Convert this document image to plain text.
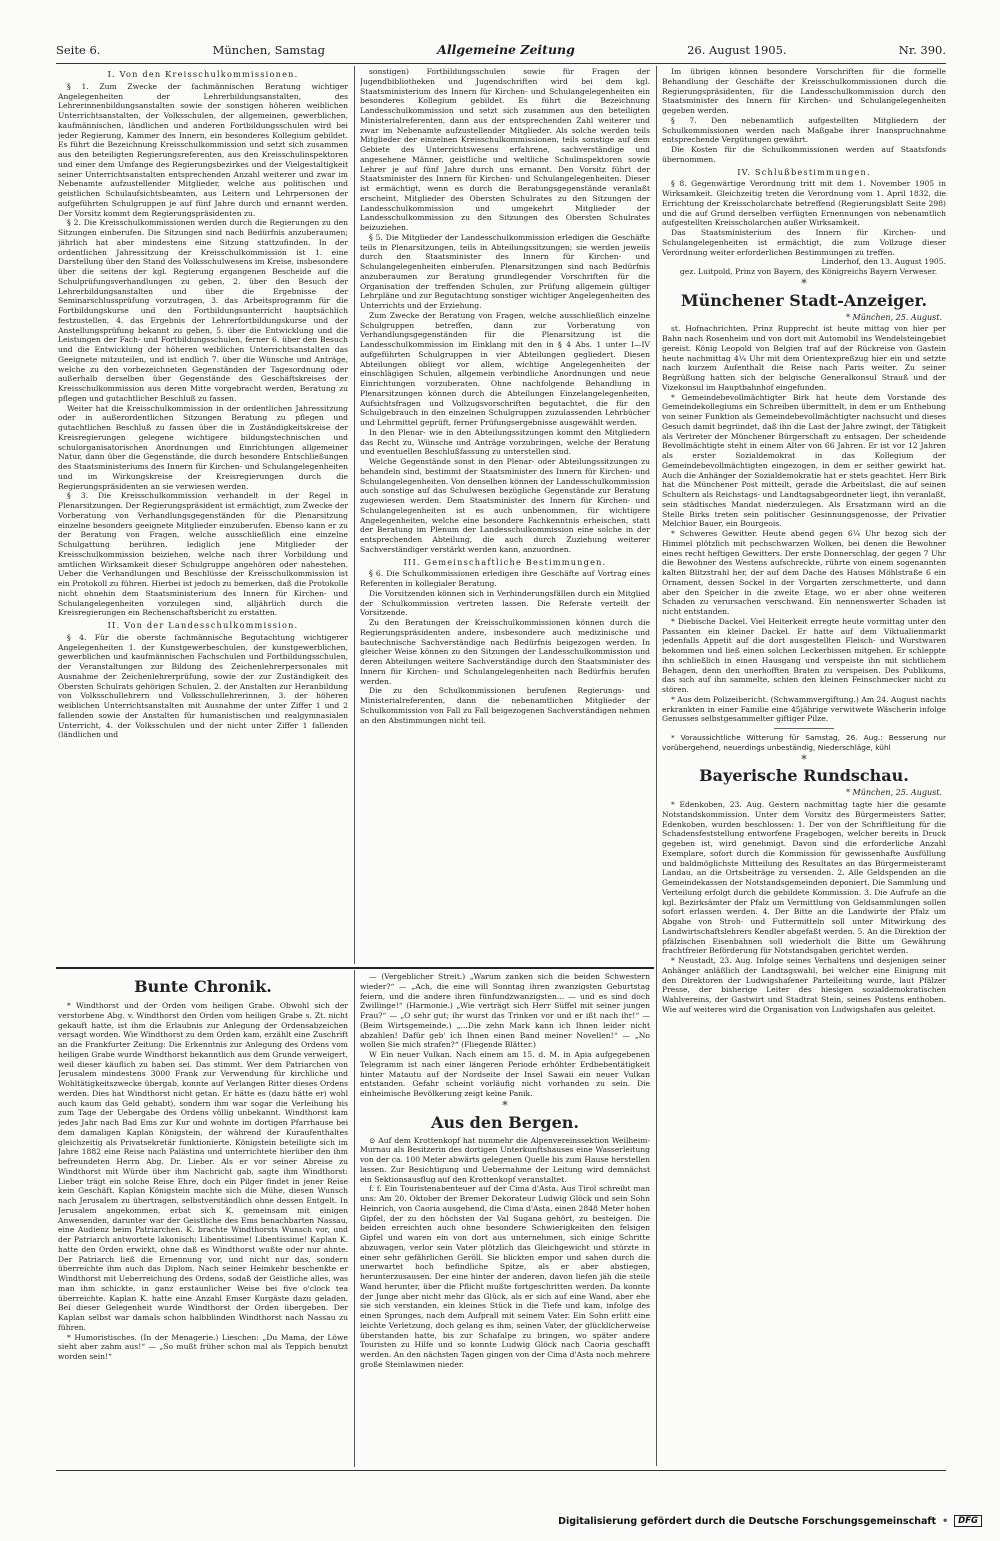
Seite 6.	München, Samstag	Allgemeine Zeitung	26. August 1905.	Nr. 390.
I. Von den Kreisschulkommissionen.

§ 1. Zum Zwecke der fachmännischen Beratung wichtiger Angelegenheiten der Lehrerbildungsanstalten, des Lehrerinnenbildungsanstalten sowie der sonstigen höheren weiblichen Unterrichtsanstalten, der Volksschulen, der allgemeinen, gewerblichen, kaufmännischen, ländlichen und anderen Fortbildungsschulen wird bei jeder Regierung, Kammer des Innern, ein besonderes Kollegium gebildet. Es führt die Bezeichnung Kreisschulkommission und setzt sich zusammen aus den beteiligten Regierungsreferenten, aus den Kreisschulinspektoren und einer dem Umfange des Regierungsbezirkes und der Vielgestaltigkeit seiner Unterrichtsanstalten entsprechenden Anzahl weiterer und zwar im Nebenamte aufzustellender Mitglieder, welche aus politischen und geistlichen Schulaufsichtsbeamten, aus Leitern und Lehrpersonen der aufgeführten Schulgruppen je auf fünf Jahre durch und ernannt werden. Der Vorsitz kommt dem Regierungspräsidenten zu.

§ 2. Die Kreisschulkommissionen werden durch die Regierungen zu den Sitzungen einberufen. Die Sitzungen sind nach Bedürfnis anzuberaumen; jährlich hat aber mindestens eine Sitzung stattzufinden. In der ordentlichen Jahressitzung der Kreisschulkommission ist 1. eine Darstellung über den Stand des Volksschulwesens im Kreise, insbesondere über die seitens der kgl. Regierung ergangenen Bescheide auf die Schulprüfungsverhandlungen zu geben, 2. über den Besuch der Lehrerbildungsanstalten und über die Ergebnisse der Seminarschlussprüfung vorzutragen, 3. das Arbeitsprogramm für die Fortbildungskurse und den Fortbildungsunterricht hauptsächlich festzustellen, 4. das Ergebnis der Lehrerfortbildungskurse und der Anstellungsprüfung bekannt zu geben, 5. über die Entwicklung und die Leistungen der Fach- und Fortbildungsschulen, ferner 6. über den Besuch und die Entwicklung der höheren weiblichen Unterrichtsanstalten das Geeignete mitzuteilen, und ist endlich 7. über die Wünsche und Anträge, welche zu den vorbezeichneten Gegenständen der Tagesordnung oder außerhalb derselben über Gegenstände des Geschäftskreises der Kreisschulkommission aus deren Mitte vorgebracht werden, Beratung zu pflegen und gutachtlicher Beschluß zu fassen.

Weiter hat die Kreisschulkommission in der ordentlichen Jahressitzung oder in außerordentlichen Sitzungen Beratung zu pflegen und gutachtlichen Beschluß zu fassen über die in Zuständigkeitskreise der Kreisregierungen gelegene wichtigere bildungstechnischen und schulorganisatorischen Anordnungen und Einrichtungen allgemeiner Natur, dann über die Gegenstände, die durch besondere Entschließungen des Staatsministeriums des Innern für Kirchen- und Schulangelegenheiten und im Wirkungskreise der Kreisregierungen durch die Regierungspräsidenten an sie verwiesen werden.

§ 3. Die Kreisschulkommission verhandelt in der Regel in Plenarsitzungen. Der Regierungspräsident ist ermächtigt, zum Zwecke der Vorberatung von Verhandlungsgegenständen für die Plenarsitzung einzelne besonders geeignete Mitglieder einzuberufen. Ebenso kann er zu der Beratung von Fragen, welche ausschließlich eine einzelne Schulgattung berühren, lediglich jene Mitglieder der Kreisschulkommission beiziehen, welche nach ihrer Vorbildung und amtlichen Wirksamkeit dieser Schulgruppe angehören oder nahestehen. Ueber die Verhandlungen und Beschlüsse der Kreisschulkommission ist ein Protokoll zu führen. Hierbei ist jedoch zu bemerken, daß die Protokolle nicht ohnehin dem Staatsministerium des Innern für Kirchen- und Schulangelegenheiten vorzulegen sind, alljährlich durch die Kreisregierungen ein Rechenschaftsbericht zu erstatten.

II. Von der Landesschulkommission.

§ 4. Für die oberste fachmännische Begutachtung wichtigerer Angelegenheiten 1. der Kunstgewerbeschulen, der kunstgewerblichen, gewerblichen und kaufmännischen Fachschulen und Fortbildungsschulen, der Veranstaltungen zur Bildung des Zeichenlehrerpersonales mit Ausnahme der Zeichenlehrerprüfung, sowie der zur Zuständigkeit des Obersten Schulrats gehörigen Schulen, 2. der Anstalten zur Heranbildung von Volksschullehrern und Volksschullehrerinnen, 3. der höheren weiblichen Unterrichtsanstalten mit Ausnahme der unter Ziffer 1 und 2 fallenden sowie der Anstalten für humanistischen und realgymnasialen Unterricht, 4. der Volksschulen und der nicht unter Ziffer 1 fallenden (ländlichen und

sonstigen) Fortbildungsschulen sowie für Fragen der Jugendbibliotheken und Jugendschriften wird bei dem kgl. Staatsministerium des Innern für Kirchen- und Schulangelegenheiten ein besonderes Kollegium gebildet. Es führt die Bezeichnung Landesschulkommission und setzt sich zusammen aus den beteiligten Ministerialreferenten, dann aus der entsprechenden Zahl weiterer und zwar im Nebenamte aufzustellender Mitglieder. Als solche werden teils Mitglieder der einzelnen Kreisschulkommissionen, teils sonstige auf dem Gebiete des Unterrichtswesens erfahrene, sachverständige und angesehene Männer, geistliche und weltliche Schulinspektoren sowie Lehrer je auf fünf Jahre durch uns ernannt. Den Vorsitz führt der Staatsminister des Innern für Kirchen- und Schulangelegenheiten. Dieser ist ermächtigt, wenn es durch die Beratungsgegenstände veranlaßt erscheint, Mitglieder des Obersten Schulrates zu den Sitzungen der Landesschulkommission und umgekehrt Mitglieder der Landesschulkommission zu den Sitzungen des Obersten Schulrates beizuziehen.

§ 5. Die Mitglieder der Landesschulkommission erledigen die Geschäfte teils in Plenarsitzungen, teils in Abteilungssitzungen; sie werden jeweils durch den Staatsminister des Innern für Kirchen- und Schulangelegenheiten einberufen. Plenarsitzungen sind nach Bedürfnis anzuberaumen zur Beratung grundlegender Vorschriften für die Organisation der treffenden Schulen, zur Prüfung allgemein gültiger Lehrpläne und zur Begutachtung sonstiger wichtiger Angelegenheiten des Unterrichts und der Erziehung.

Zum Zwecke der Beratung von Fragen, welche ausschließlich einzelne Schulgruppen betreffen, dann zur Vorberatung von Verhandlungsgegenständen für die Plenarsitzung ist die Landesschulkommission im Einklang mit den in § 4 Abs. 1 unter I—IV aufgeführten Schulgruppen in vier Abteilungen gegliedert. Diesen Abteilungen obliegt vor allem, wichtige Angelegenheiten der einschlägigen Schulen, allgemein verbindliche Anordnungen und neue Einrichtungen vorzuberaten. Ohne nachfolgende Behandlung in Plenarsitzungen können durch die Abteilungen Einzelangelegenheiten, Aufsichtsfragen und Vollzugsvorschriften begutachtet, die für den Schulgebrauch in den einzelnen Schulgruppen zuzulassenden Lehrbücher und Lehrmittel geprüft, ferner Prüfungsergebnisse ausgewählt werden.

In den Plenar- wie in den Abteilungssitzungen kommt den Mitgliedern das Recht zu, Wünsche und Anträge vorzubringen, welche der Beratung und eventuellen Beschlußfassung zu unterstellen sind.

Welche Gegenstände sonst in den Plenar- oder Abteilungssitzungen zu behandeln sind, bestimmt der Staatsminister des Innern für Kirchen- und Schulangelegenheiten. Von denselben können der Landesschulkommission auch sonstige auf das Schulwesen bezügliche Gegenstände zur Beratung zugewiesen werden. Dem Staatsminister des Innern für Kirchen- und Schulangelegenheiten ist es auch unbenommen, für wichtigere Angelegenheiten, welche eine besondere Fachkenntnis erheischen, statt der Beratung im Plenum der Landesschulkommission eine solche in der entsprechenden Abteilung, die auch durch Zuziehung weiterer Sachverständiger verstärkt werden kann, anzuordnen.

III. Gemeinschaftliche Bestimmungen.

§ 6. Die Schulkommissionen erledigen ihre Geschäfte auf Vortrag eines Referenten in kollegialer Beratung.

Die Vorsitzenden können sich in Verhinderungsfällen durch ein Mitglied der Schulkommission vertreten lassen. Die Referate verteilt der Vorsitzende.

Zu den Beratungen der Kreisschulkommissionen können durch die Regierungspräsidenten andere, insbesondere auch medizinische und bautechnische Sachverständige nach Bedürfnis beigezogen werden. In gleicher Weise können zu den Sitzungen der Landesschulkommission und deren Abteilungen weitere Sachverständige durch den Staatsminister des Innern für Kirchen- und Schulangelegenheiten nach Bedürfnis berufen werden.

Die zu den Schulkommissionen berufenen Regierungs- und Ministerialreferenten, dann die nebenamtlichen Mitglieder der Schulkommission von Fall zu Fall beigezogenen Sachverständigen nehmen an den Abstimmungen nicht teil.

Im übrigen können besondere Vorschriften für die formelle Behandlung der Geschäfte der Kreisschulkommissionen durch die Regierungspräsidenten, für die Landesschulkommission durch den Staatsminister des Innern für Kirchen- und Schulangelegenheiten gegeben werden.

§ 7. Den nebenamtlich aufgestellten Mitgliedern der Schulkommissionen werden nach Maßgabe ihrer Inanspruchnahme entsprechende Vergütungen gewährt.

Die Kosten für die Schulkommissionen werden auf Staatsfonds übernommen.

IV. Schlußbestimmungen.

§ 8. Gegenwärtige Verordnung tritt mit dem 1. November 1905 in Wirksamkeit. Gleichzeitig treten die Verordnung vom 1. April 1832, die Errichtung der Kreisscholarchate betreffend (Regierungsblatt Seite 298) und die auf Grund derselben verfügten Ernennungen von nebenamtlich aufgestellten Kreisscholarchen außer Wirksamkeit.

Das Staatsministerium des Innern für Kirchen- und Schulangelegenheiten ist ermächtigt, die zum Vollzuge dieser Verordnung weiter erforderlichen Bestimmungen zu treffen.

Linderhof, den 13. August 1905.

gez. Luitpold, Prinz von Bayern, des Königreichs Bayern Verweser.

*
Münchener Stadt-Anzeiger.
* München, 25. August.

st. Hofnachrichten. Prinz Rupprecht ist heute mittag von hier per Bahn nach Rosenheim und von dort mit Automobil ins Wendelsteingebiet gereist. König Leopold von Belgien traf auf der Rückreise von Gastein heute nachmittag 4¼ Uhr mit dem Orientexpreßzug hier ein und setzte nach kurzem Aufenthalt die Reise nach Paris weiter. Zu seiner Begrüßung hatten sich der belgische Generalkonsul Strauß und der Vizekonsul im Hauptbahnhof eingefunden.

* Gemeindebevollmächtigter Birk hat heute dem Vorstande des Gemeindekollegiums ein Schreiben übermittelt, in dem er um Enthebung von seiner Funktion als Gemeindebevollmächtigter nachsucht und dieses Gesuch damit begründet, daß ihn die Last der Jahre zwingt, der Tätigkeit als Vertreter der Münchener Bürgerschaft zu entsagen. Der scheidende Bevollmächtigte steht in einem Alter von 66 Jahren. Er ist vor 12 Jahren als erster Sozialdemokrat in das Kollegium der Gemeindebevollmächtigten eingezogen, in dem er seither gewirkt hat. Auch die Anhänger der Sozialdemokratie hat er stets geachtet. Herr Birk hat die Münchener Post mitteilt, gerade die Arbeitslast, die auf seinen Schultern als Reichstags- und Landtagsabgeordneter liegt, ihn veranlaßt, sein städtisches Mandat niederzulegen. Als Ersatzmann wird an die Stelle Birks treten sein politischer Gesinnungsgenosse, der Privatier Melchior Bauer, ein Bourgeois.

* Schweres Gewitter. Heute abend gegen 6¼ Uhr bezog sich der Himmel plötzlich mit pechschwarzen Wolken, bei denen die Bewohner eines recht heftigen Gewitters. Der erste Donnerschlag, der gegen 7 Uhr die Bewohner des Westens aufschreckte, rührte von einem sogenannten kalten Blitzstrahl her, der auf dem Dache des Hauses Möhlstraße 6 ein Ornament, dessen Sockel in der Vorgarten zerschmetterte, und dann aber den Speicher in die zweite Etage, wo er aber ohne weiteren Schaden zu verursachen verschwand. Ein nennenswerter Schaden ist nicht entstanden.

* Diebische Dackel. Viel Heiterkeit erregte heute vormittag unter den Passanten ein kleiner Dackel. Er hatte auf dem Viktualienmarkt jedenfalls Appetit auf die dort ausgestellten Fleisch- und Wurstwaren bekommen und ließ einen solchen Leckerbissen mitgehen. Er schleppte ihn schließlich in einen Hausgang und verspeiste ihn mit sichtlichem Behagen, denn den unerhofften Braten zu verspeisen. Des Publikums, das sich auf ihn sammelte, schien den kleinen Feinschmecker nicht zu stören.

* Aus dem Polizeibericht. (Schwammvergiftung.) Am 24. August nachts erkrankten in einer Familie eine 45jährige verwitwete Wäscherin infolge Genusses selbstgesammelter giftiger Pilze.

* Voraussichtliche Witterung für Samstag, 26. Aug.: Besserung nur vorübergehend, neuerdings unbeständig, Niederschläge, kühl

*
Bayerische Rundschau.
* München, 25. August.

* Edenkoben, 23. Aug. Gestern nachmittag tagte hier die gesamte Notstandskommission. Unter dem Vorsitz des Bürgermeisters Satter, Edenkoben, wurden beschlossen: 1. Der von der Schriftleitung für die Schadensfeststellung entworfene Fragebogen, welcher bereits in Druck gegeben ist, wird genehmigt. Davon sind die erforderliche Anzahl Exemplare, sofort durch die Kommission für gewissenhafte Ausfüllung und baldmöglichste Mitteilung des Resultates an das Bürgermeisteramt Landau, an die Ortsbeiträge zu versenden. 2. Alle Geldspenden an die Gemeindekassen der Notstandsgemeinden deponiert. Die Sammlung und Verteilung erfolgt durch die gebildete Kommission. 3. Die Aufrufe an die kgl. Bezirksämter der Pfalz um Vermittlung von Geldsammlungen sollen sofort erlassen werden. 4. Der Bitte an die Landwirte der Pfalz um Abgabe von Stroh- und Futtermitteln soll unter Mitwirkung des Landwirtschaftslehrers Kendler abgefaßt werden. 5. An die Direktion der pfälzischen Eisenbahnen soll wiederholt die Bitte um Gewährung frachtfreier Beförderung für Notstandsgaben gerichtet werden.

* Neustadt, 23. Aug. Infolge seines Verhaltens und desjenigen seiner Anhänger anläßlich der Landtagswahl, bei welcher eine Einigung mit den Direktoren der Ludwigshafener Parteileitung wurde, laut Pfälzer Presse, der bisherige Leiter des hiesigen sozialdemokratischen Wahlvereins, der Gastwirt und Stadtrat Stein, seines Postens enthoben. Wie auf weiteres wird die Organisation von Ludwigshafen aus geleitet.

Bunte Chronik.

* Windthorst und der Orden vom heiligen Grabe. Obwohl sich der verstorbene Abg. v. Windthorst den Orden vom heiligen Grabe s. Zt. nicht gekauft hatte, ist ihm die Erlaubnis zur Anlegung der Ordensabzeichen versagt worden. Wie Windthorst zu dem Orden kam, erzählt eine Zuschrift an die Frankfurter Zeitung: Die Erkenntnis zur Anlegung des Ordens vom heiligen Grabe wurde Windthorst bekanntlich aus dem Grunde verweigert, weil dieser käuflich zu haben sei. Das stimmt. Wer dem Patriarchen von Jerusalem mindestens 3000 Frank zur Verwendung für kirchliche und Wohltätigkeitszwecke übergab, konnte auf Verlangen Ritter dieses Ordens werden. Dies hat Windthorst nicht getan. Er hätte es (dazu hätte er) wohl auch kaum das Geld gehabt), sondern ihm war sogar die Verleihung bis zum Tage der Uebergabe des Ordens völlig unbekannt. Windthorst kam jedes Jahr nach Bad Ems zur Kur und wohnte im dortigen Pfarrhause bei dem damaligen Kaplan Königstein, der während der Kuraufenthaltes gleichzeitig als Privatsekretär funktionierte. Königstein beteiligte sich im Jahre 1882 eine Reise nach Palästina und unterrichtete hierüber den ihm befreundeten Herrn Abg. Dr. Lieber. Als er vor seiner Abreise zu Windthorst mit Würde über ihm Nachricht gab, sagte ihm Windthorst: Lieber trägt ein solche Reise Ehre, doch ein Pilger findet in jener Reise kein Geschäft. Kaplan Königstein machte sich die Mühe, diesen Wunsch nach Jerusalem zu übertragen, selbstverständlich ohne dessen Entgelt. In Jerusalem angekommen, erbat sich K. gemeinsam mit einigen Anwesenden, darunter war der Geistliche des Ems benachbarten Nassau, eine Audienz beim Patriarchen. K. brachte Windthorsts Wunsch vor, und der Patriarch antwortete lakonisch: Libentissime! Libentissime! Kaplan K. hatte den Orden erwirkt, ohne daß es Windthorst wußte oder nur ahnte. Der Patriarch ließ die Ernennung vor, und nicht nur das, sondern überreichte ihm auch das Diplom. Nach seiner Heimkehr beschenkte er Windthorst mit Ueberreichung des Ordens, sodaß der Geistliche alles, was man ihm schickte, in ganz erstaunlicher Weise bei five o'clock tea überreichte. Kaplan K. hatte eine Anzahl Emser Kurgäste dazu geladen. Bei dieser Gelegenheit wurde Windthorst der Orden übergeben. Der Kaplan selbst war damals schon halbblinden Windthorst nach Nassau zu führen.

* Humoristisches. (In der Menagerie.) Lieschen: „Du Mama, der Löwe sieht aber zahm aus!“ — „So mußt früher schon mal als Teppich benutzt worden sein!“

— (Vergeblicher Streit.) „Warum zanken sich die beiden Schwestern wieder?“ — „Ach, die eine will Sonntag ihren zwanzigsten Geburtstag feiern, und die andere ihren fünfundzwanzigsten... — und es sind doch Zwillinge!“ (Harmonie.) „Wie verträgt sich Herr Süffel mit seiner jungen Frau?“ — „O sehr gut; ihr wurst das Trinken vor und er ißt nach ihr!“ — (Beim Wirtsgemeinde.) „...Die zehn Mark kann ich Ihnen leider nicht abzahlen! Dafür geb' ich Ihnen einen Band meiner Novellen!“ — „No wollen Sie mich strafen?“ (Fliegende Blätter.)

W Ein neuer Vulkan. Nach einem am 15. d. M. in Apia aufgegebenen Telegramm ist nach einer längeren Periode erhöhter Erdbebentätigkeit hinter Matautu auf der Nordseite der Insel Sawaii ein neuer Vulkan entstanden. Gefahr scheint vorläufig nicht vorhanden zu sein. Die einheimische Bevölkerung zeigt keine Panik.

*
Aus den Bergen.

⊙ Auf dem Krottenkopf hat nunmehr die Alpenvereinssektion Weilheim-Murnau als Besitzerin des dortigen Unterkunftshauses eine Wasserleitung von der ca. 100 Meter abwärts gelegenen Quelle bis zum Hause herstellen lassen. Zur Besichtigung und Uebernahme der Leitung wird demnächst ein Sektionsausflug auf den Krottenkopf veranstaltet.

f. f. Ein Touristenabenteuer auf der Cima d'Asta. Aus Tirol schreibt man uns: Am 20. Oktober der Bremer Dekorateur Ludwig Glöck und sein Sohn Heinrich, von Caoria ausgehend, die Cima d'Asta, einen 2848 Meter hohen Gipfel, der zu den höchsten der Val Sugana gehört, zu besteigen. Die beiden erreichten auch ohne besondere Schwierigkeiten den felsigen Gipfel und waren ein von dort aus unternehmen, sich einige Schritte abzuwagen, verlor sein Vater plötzlich das Gleichgewicht und stürzte in einer sehr gefährlichen Geröll. Sie blickten empor und sahen durch die unerwartet hoch befindliche Spitze, als er aber abstiegen, herunterzusausen. Der eine hinter der anderen, davon liefen jäh die steile Wand herunter, über die Pflicht mußte fortgeschritten werden. Da konnte der Junge aber nicht mehr das Glück, als er sich auf eine Wand, aber ehe sie sich verstanden, ein kleines Stück in die Tiefe und kam, infolge des einen Sprunges, nach dem Aufprall mit seinem Vater. Ein Sohn erlitt eine leichte Verletzung, doch gelang es ihm, seinen Vater, der glücklicherweise überstanden hatte, bis zur Schafalpe zu bringen, wo später andere Touristen zu Hilfe und so konnte Ludwig Glöck nach Caoria geschafft werden. An den nächsten Tagen gingen von der Cima d'Asta noch mehrere große Steinlawinen nieder.

Digitalisierung gefördert durch die Deutsche Forschungsgemeinschaft •	DFG
